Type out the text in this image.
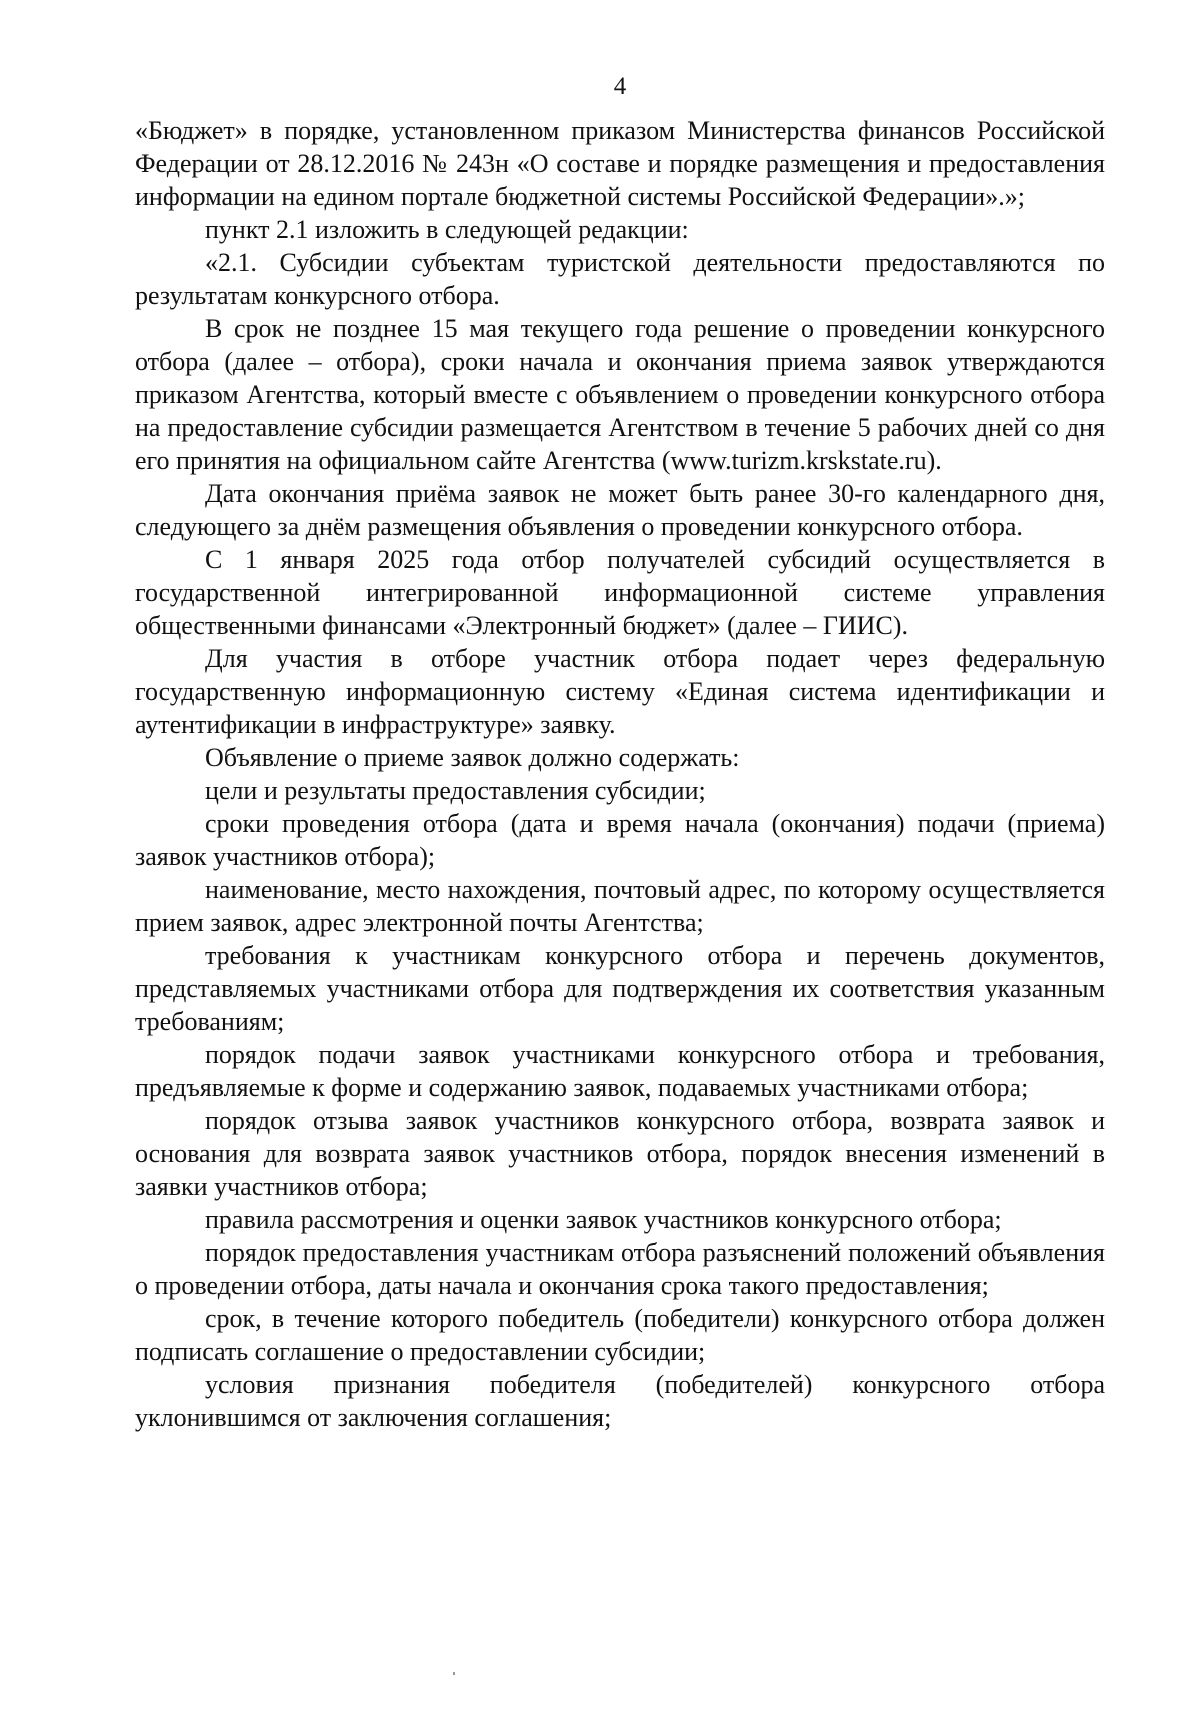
4

«Бюджет» в порядке, установленном приказом Министерства финансов Российской Федерации от 28.12.2016 № 243н «О составе и порядке размещения и предоставления информации на едином портале бюджетной системы Российской Федерации».»;

пункт 2.1 изложить в следующей редакции:

«2.1. Субсидии субъектам туристской деятельности предоставляются по результатам конкурсного отбора.

В срок не позднее 15 мая текущего года решение о проведении конкурсного отбора (далее – отбора), сроки начала и окончания приема заявок утверждаются приказом Агентства, который вместе с объявлением о проведении конкурсного отбора на предоставление субсидии размещается Агентством в течение 5 рабочих дней со дня его принятия на официальном сайте Агентства (www.turizm.krskstate.ru).

Дата окончания приёма заявок не может быть ранее 30-го календарного дня, следующего за днём размещения объявления о проведении конкурсного отбора.

С 1 января 2025 года отбор получателей субсидий осуществляется в государственной интегрированной информационной системе управления общественными финансами «Электронный бюджет» (далее – ГИИС).

Для участия в отборе участник отбора подает через федеральную государственную информационную систему «Единая система идентификации и аутентификации в инфраструктуре» заявку.

Объявление о приеме заявок должно содержать:

цели и результаты предоставления субсидии;

сроки проведения отбора (дата и время начала (окончания) подачи (приема) заявок участников отбора);

наименование, место нахождения, почтовый адрес, по которому осуществляется прием заявок, адрес электронной почты Агентства;

требования к участникам конкурсного отбора и перечень документов, представляемых участниками отбора для подтверждения их соответствия указанным требованиям;

порядок подачи заявок участниками конкурсного отбора и требования, предъявляемые к форме и содержанию заявок, подаваемых участниками отбора;

порядок отзыва заявок участников конкурсного отбора, возврата заявок и основания для возврата заявок участников отбора, порядок внесения изменений в заявки участников отбора;

правила рассмотрения и оценки заявок участников конкурсного отбора;

порядок предоставления участникам отбора разъяснений положений объявления о проведении отбора, даты начала и окончания срока такого предоставления;

срок, в течение которого победитель (победители) конкурсного отбора должен подписать соглашение о предоставлении субсидии;

условия признания победителя (победителей) конкурсного отбора уклонившимся от заключения соглашения;
